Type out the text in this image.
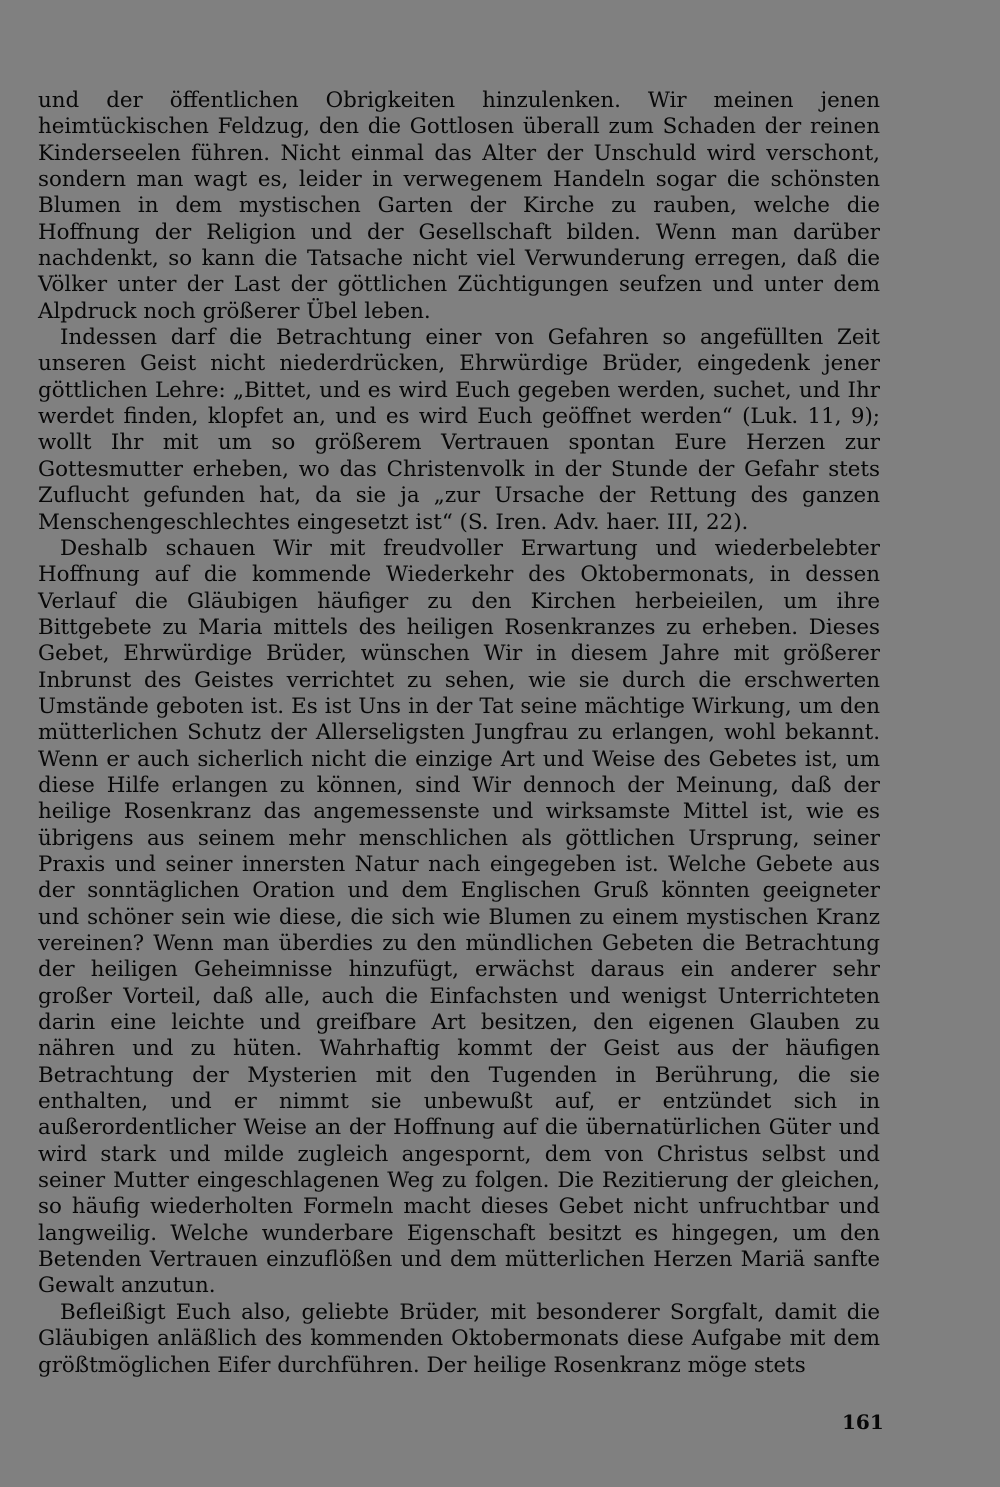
und der öffentlichen Obrigkeiten hinzulenken. Wir meinen jenen heimtückischen Feldzug, den die Gottlosen überall zum Schaden der reinen Kinderseelen führen. Nicht einmal das Alter der Unschuld wird verschont, sondern man wagt es, leider in verwegenem Handeln sogar die schönsten Blumen in dem mystischen Garten der Kirche zu rauben, welche die Hoffnung der Religion und der Gesellschaft bilden. Wenn man darüber nachdenkt, so kann die Tatsache nicht viel Verwunderung erregen, daß die Völker unter der Last der göttlichen Züchtigungen seufzen und unter dem Alpdruck noch größerer Übel leben.

Indessen darf die Betrachtung einer von Gefahren so angefüllten Zeit unseren Geist nicht niederdrücken, Ehrwürdige Brüder, eingedenk jener göttlichen Lehre: „Bittet, und es wird Euch gegeben werden, suchet, und Ihr werdet finden, klopfet an, und es wird Euch geöffnet werden“ (Luk. 11, 9); wollt Ihr mit um so größerem Vertrauen spontan Eure Herzen zur Gottesmutter erheben, wo das Christenvolk in der Stunde der Gefahr stets Zuflucht gefunden hat, da sie ja „zur Ursache der Rettung des ganzen Menschengeschlechtes eingesetzt ist“ (S. Iren. Adv. haer. III, 22).

Deshalb schauen Wir mit freudvoller Erwartung und wiederbelebter Hoffnung auf die kommende Wiederkehr des Oktobermonats, in dessen Verlauf die Gläubigen häufiger zu den Kirchen herbeieilen, um ihre Bittgebete zu Maria mittels des heiligen Rosenkranzes zu erheben. Dieses Gebet, Ehrwürdige Brüder, wünschen Wir in diesem Jahre mit größerer Inbrunst des Geistes verrichtet zu sehen, wie sie durch die erschwerten Umstände geboten ist. Es ist Uns in der Tat seine mächtige Wirkung, um den mütterlichen Schutz der Allerseligsten Jungfrau zu erlangen, wohl bekannt. Wenn er auch sicherlich nicht die einzige Art und Weise des Gebetes ist, um diese Hilfe erlangen zu können, sind Wir dennoch der Meinung, daß der heilige Rosenkranz das angemessenste und wirksamste Mittel ist, wie es übrigens aus seinem mehr menschlichen als göttlichen Ursprung, seiner Praxis und seiner innersten Natur nach eingegeben ist. Welche Gebete aus der sonntäglichen Oration und dem Englischen Gruß könnten geeigneter und schöner sein wie diese, die sich wie Blumen zu einem mystischen Kranz vereinen? Wenn man überdies zu den mündlichen Gebeten die Betrachtung der heiligen Geheimnisse hinzufügt, erwächst daraus ein anderer sehr großer Vorteil, daß alle, auch die Einfachsten und wenigst Unterrichteten darin eine leichte und greifbare Art besitzen, den eigenen Glauben zu nähren und zu hüten. Wahrhaftig kommt der Geist aus der häufigen Betrachtung der Mysterien mit den Tugenden in Berührung, die sie enthalten, und er nimmt sie unbewußt auf, er entzündet sich in außerordentlicher Weise an der Hoffnung auf die übernatürlichen Güter und wird stark und milde zugleich angespornt, dem von Christus selbst und seiner Mutter eingeschlagenen Weg zu folgen. Die Rezitierung der gleichen, so häufig wiederholten Formeln macht dieses Gebet nicht unfruchtbar und langweilig. Welche wunderbare Eigenschaft besitzt es hingegen, um den Betenden Vertrauen einzuflößen und dem mütterlichen Herzen Mariä sanfte Gewalt anzutun.

Befleißigt Euch also, geliebte Brüder, mit besonderer Sorgfalt, damit die Gläubigen anläßlich des kommenden Oktobermonats diese Aufgabe mit dem größtmöglichen Eifer durchführen. Der heilige Rosenkranz möge stets

161
